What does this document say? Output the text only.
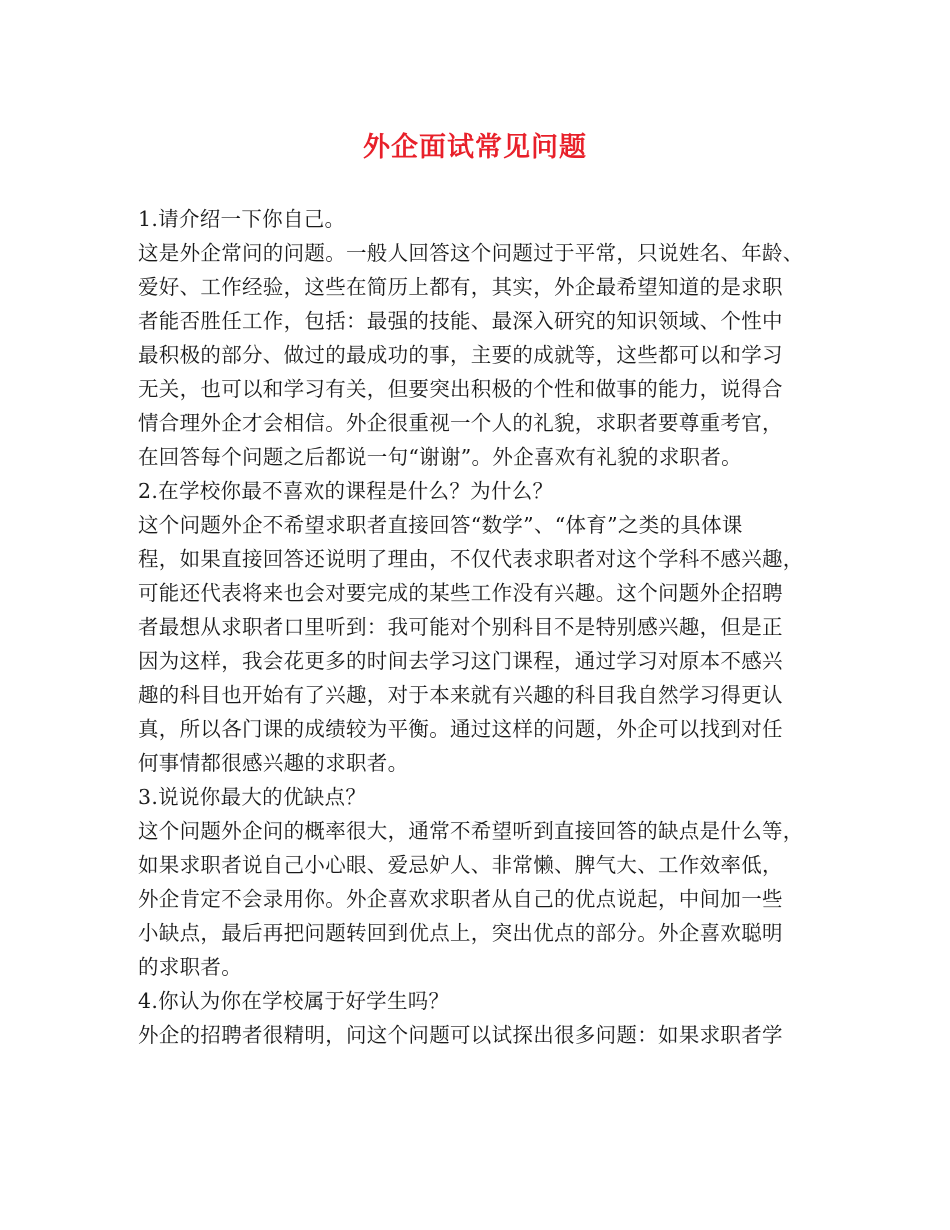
外企面试常见问题
1.请介绍一下你自己。
这是外企常问的问题。一般人回答这个问题过于平常，只说姓名、年龄、
爱好、工作经验，这些在简历上都有，其实，外企最希望知道的是求职
者能否胜任工作，包括：最强的技能、最深入研究的知识领域、个性中
最积极的部分、做过的最成功的事，主要的成就等，这些都可以和学习
无关，也可以和学习有关，但要突出积极的个性和做事的能力，说得合
情合理外企才会相信。外企很重视一个人的礼貌，求职者要尊重考官，
在回答每个问题之后都说一句“谢谢”。外企喜欢有礼貌的求职者。
2.在学校你最不喜欢的课程是什么？为什么？
这个问题外企不希望求职者直接回答“数学”、“体育”之类的具体课
程，如果直接回答还说明了理由，不仅代表求职者对这个学科不感兴趣，
可能还代表将来也会对要完成的某些工作没有兴趣。这个问题外企招聘
者最想从求职者口里听到：我可能对个别科目不是特别感兴趣，但是正
因为这样，我会花更多的时间去学习这门课程，通过学习对原本不感兴
趣的科目也开始有了兴趣，对于本来就有兴趣的科目我自然学习得更认
真，所以各门课的成绩较为平衡。通过这样的问题，外企可以找到对任
何事情都很感兴趣的求职者。
3.说说你最大的优缺点？
这个问题外企问的概率很大，通常不希望听到直接回答的缺点是什么等，
如果求职者说自己小心眼、爱忌妒人、非常懒、脾气大、工作效率低，
外企肯定不会录用你。外企喜欢求职者从自己的优点说起，中间加一些
小缺点，最后再把问题转回到优点上，突出优点的部分。外企喜欢聪明
的求职者。
4.你认为你在学校属于好学生吗？
外企的招聘者很精明，问这个问题可以试探出很多问题：如果求职者学
